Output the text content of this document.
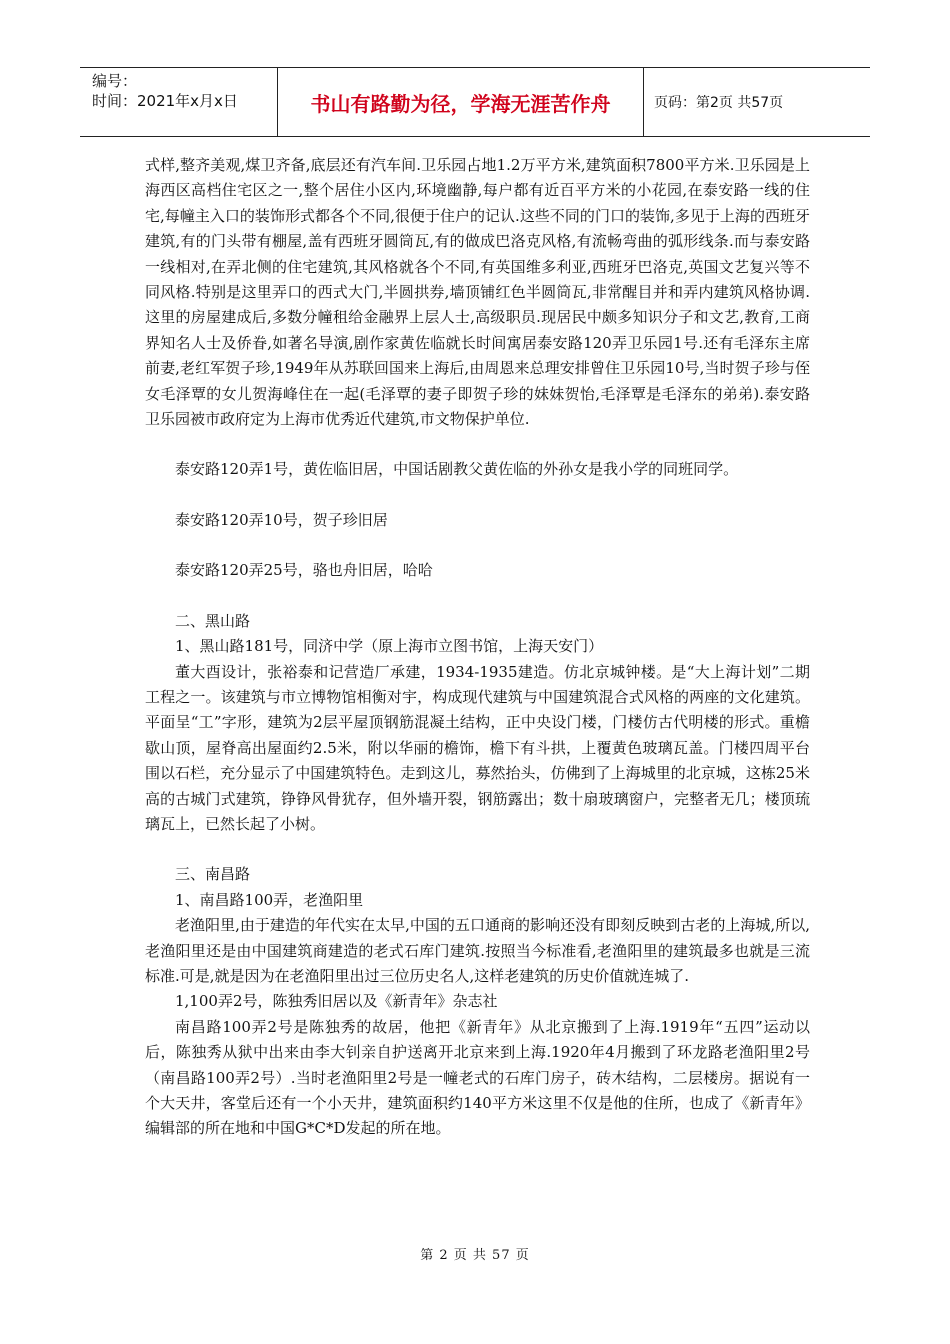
编号：
时间：2021年x月x日	书山有路勤为径，学海无涯苦作舟	页码：第2页 共57页

式样,整齐美观,煤卫齐备,底层还有汽车间.卫乐园占地1.2万平方米,建筑面积7800平方米.卫乐园是上海西区高档住宅区之一,整个居住小区内,环境幽静,每户都有近百平方米的小花园,在泰安路一线的住宅,每幢主入口的装饰形式都各个不同,很便于住户的记认.这些不同的门口的装饰,多见于上海的西班牙建筑,有的门头带有棚屋,盖有西班牙圆筒瓦,有的做成巴洛克风格,有流畅弯曲的弧形线条.而与泰安路一线相对,在弄北侧的住宅建筑,其风格就各个不同,有英国维多利亚,西班牙巴洛克,英国文艺复兴等不同风格.特别是这里弄口的西式大门,半圆拱券,墙顶铺红色半圆筒瓦,非常醒目并和弄内建筑风格协调.这里的房屋建成后,多数分幢租给金融界上层人士,高级职员.现居民中颇多知识分子和文艺,教育,工商界知名人士及侨眷,如著名导演,剧作家黄佐临就长时间寓居泰安路120弄卫乐园1号.还有毛泽东主席前妻,老红军贺子珍,1949年从苏联回国来上海后,由周恩来总理安排曾住卫乐园10号,当时贺子珍与侄女毛泽覃的女儿贺海峰住在一起(毛泽覃的妻子即贺子珍的妹妹贺怡,毛泽覃是毛泽东的弟弟).泰安路卫乐园被市政府定为上海市优秀近代建筑,市文物保护单位.

泰安路120弄1号，黄佐临旧居，中国话剧教父黄佐临的外孙女是我小学的同班同学。

泰安路120弄10号，贺子珍旧居

泰安路120弄25号，骆也舟旧居，哈哈

二、黑山路

1、黑山路181号，同济中学（原上海市立图书馆，上海天安门）

董大酉设计，张裕泰和记营造厂承建，1934-1935建造。仿北京城钟楼。是“大上海计划”二期工程之一。该建筑与市立博物馆相衡对宇，构成现代建筑与中国建筑混合式风格的两座的文化建筑。平面呈“工”字形，建筑为2层平屋顶钢筋混凝土结构，正中央设门楼，门楼仿古代明楼的形式。重檐歇山顶，屋脊高出屋面约2.5米，附以华丽的檐饰，檐下有斗拱，上覆黄色玻璃瓦盖。门楼四周平台围以石栏，充分显示了中国建筑特色。走到这儿，募然抬头，仿佛到了上海城里的北京城，这栋25米高的古城门式建筑，铮铮风骨犹存，但外墙开裂，钢筋露出；数十扇玻璃窗户，完整者无几；楼顶琉璃瓦上，已然长起了小树。

三、南昌路

1、南昌路100弄，老渔阳里

老渔阳里,由于建造的年代实在太早,中国的五口通商的影响还没有即刻反映到古老的上海城,所以,老渔阳里还是由中国建筑商建造的老式石库门建筑.按照当今标准看,老渔阳里的建筑最多也就是三流标准.可是,就是因为在老渔阳里出过三位历史名人,这样老建筑的历史价值就连城了.

1,100弄2号，陈独秀旧居以及《新青年》杂志社

南昌路100弄2号是陈独秀的故居，他把《新青年》从北京搬到了上海.1919年“五四”运动以后，陈独秀从狱中出来由李大钊亲自护送离开北京来到上海.1920年4月搬到了环龙路老渔阳里2号（南昌路100弄2号）.当时老渔阳里2号是一幢老式的石库门房子，砖木结构，二层楼房。据说有一个大天井，客堂后还有一个小天井，建筑面积约140平方米这里不仅是他的住所，也成了《新青年》编辑部的所在地和中国G*C*D发起的所在地。

第 2 页 共 57 页
